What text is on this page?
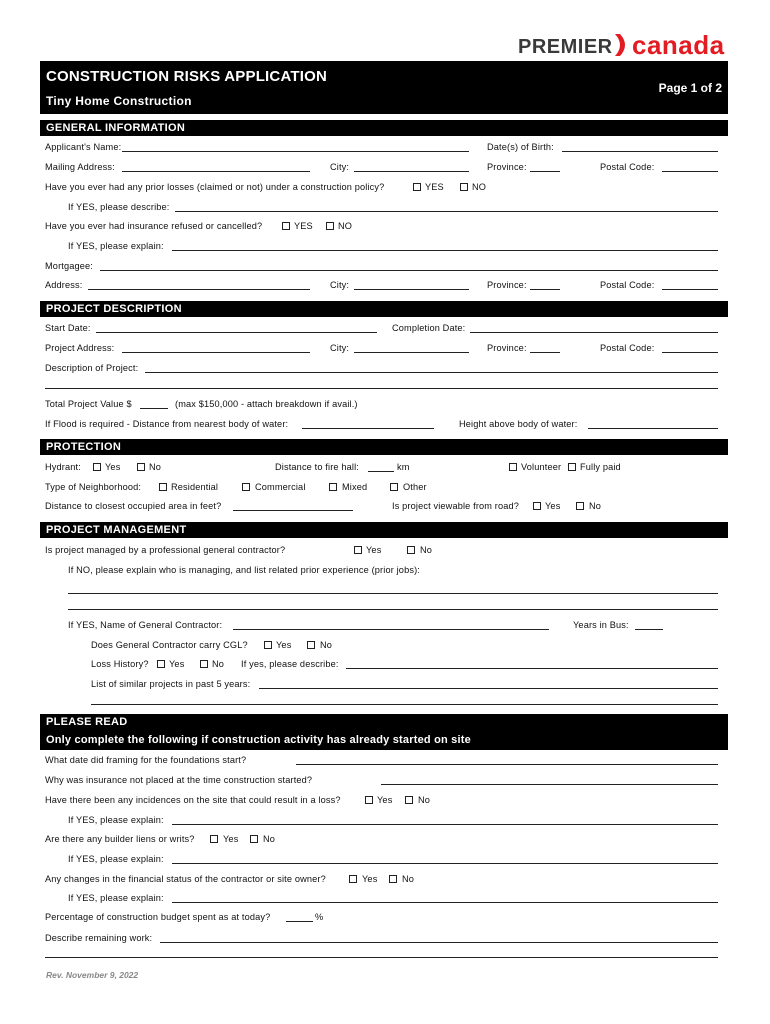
PREMIER canada
CONSTRUCTION RISKS APPLICATION
Tiny Home Construction
Page 1 of 2
GENERAL INFORMATION
Applicant's Name:	Date(s) of Birth:
Mailing Address:	City:	Province:	Postal Code:
Have you ever had any prior losses (claimed or not) under a construction policy?	YES	NO
If YES, please describe:
Have you ever had insurance refused or cancelled?	YES	NO
If YES, please explain:
Mortgagee:
Address:	City:	Province:	Postal Code:
PROJECT DESCRIPTION
Start Date:	Completion Date:
Project Address:	City:	Province:	Postal Code:
Description of Project:
Total Project Value $	(max $150,000 - attach breakdown if avail.)
If Flood is required - Distance from nearest body of water:	Height above body of water:
PROTECTION
Hydrant:	Yes	No	Distance to fire hall:	km	Volunteer Fully paid
Type of Neighborhood:	Residential	Commercial	Mixed	Other
Distance to closest occupied area in feet?	Is project viewable from road?	Yes	No
PROJECT MANAGEMENT
Is project managed by a professional general contractor?	Yes	No
If NO, please explain who is managing, and list related prior experience (prior jobs):
If YES, Name of General Contractor:	Years in Bus:
Does General Contractor carry CGL?	Yes	No
Loss History? Yes	No If yes, please describe:
List of similar projects in past 5 years:
PLEASE READ
Only complete the following if construction activity has already started on site
What date did framing for the foundations start?
Why was insurance not placed at the time construction started?
Have there been any incidences on the site that could result in a loss?	Yes	No
If YES, please explain:
Are there any builder liens or writs?	Yes	No
If YES, please explain:
Any changes in the financial status of the contractor or site owner?	Yes	No
If YES, please explain:
Percentage of construction budget spent as at today?	%
Describe remaining work:
Rev. November 9, 2022
